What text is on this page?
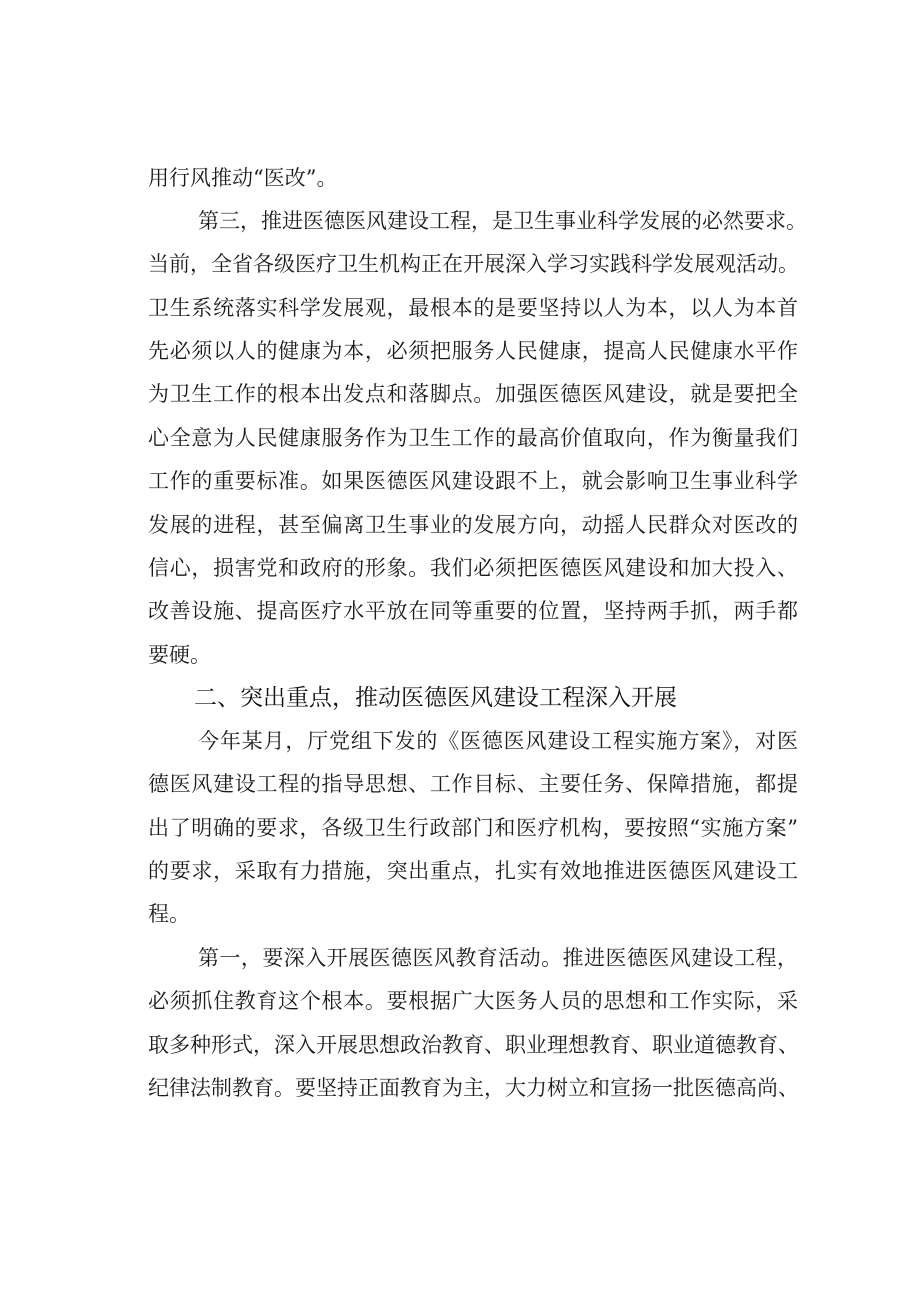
用行风推动“医改”。
第三，推进医德医风建设工程，是卫生事业科学发展的必然要求。
当前，全省各级医疗卫生机构正在开展深入学习实践科学发展观活动。
卫生系统落实科学发展观，最根本的是要坚持以人为本，以人为本首
先必须以人的健康为本，必须把服务人民健康，提高人民健康水平作
为卫生工作的根本出发点和落脚点。加强医德医风建设，就是要把全
心全意为人民健康服务作为卫生工作的最高价值取向，作为衡量我们
工作的重要标准。如果医德医风建设跟不上，就会影响卫生事业科学
发展的进程，甚至偏离卫生事业的发展方向，动摇人民群众对医改的
信心，损害党和政府的形象。我们必须把医德医风建设和加大投入、
改善设施、提高医疗水平放在同等重要的位置，坚持两手抓，两手都
要硬。
二、突出重点，推动医德医风建设工程深入开展
今年某月，厅党组下发的《医德医风建设工程实施方案》，对医
德医风建设工程的指导思想、工作目标、主要任务、保障措施，都提
出了明确的要求，各级卫生行政部门和医疗机构，要按照“实施方案”
的要求，采取有力措施，突出重点，扎实有效地推进医德医风建设工
程。
第一，要深入开展医德医风教育活动。推进医德医风建设工程，
必须抓住教育这个根本。要根据广大医务人员的思想和工作实际，采
取多种形式，深入开展思想政治教育、职业理想教育、职业道德教育、
纪律法制教育。要坚持正面教育为主，大力树立和宣扬一批医德高尚、
